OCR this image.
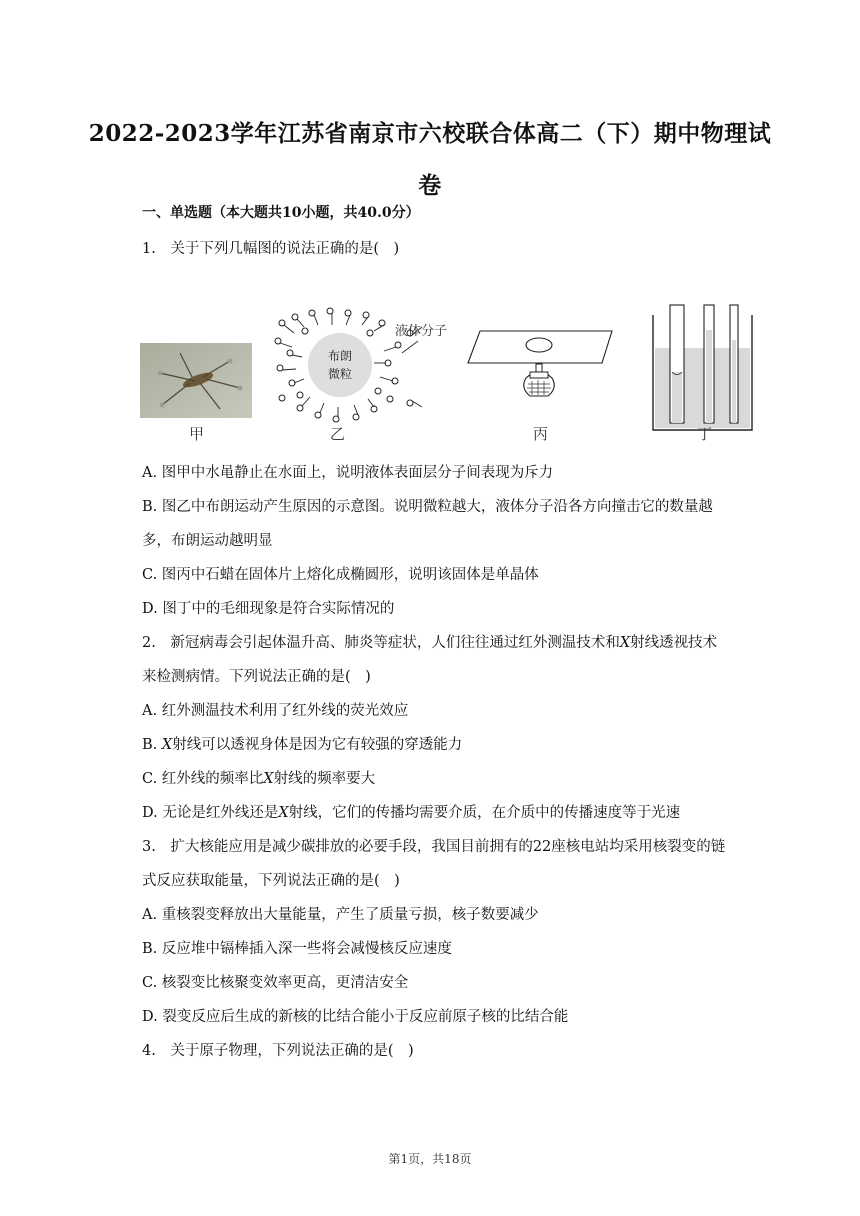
2022-2023学年江苏省南京市六校联合体高二（下）期中物理试
卷
一、单选题（本大题共10小题，共40.0分）
1.　关于下列几幅图的说法正确的是(　)
甲
布朗
微粒
液体分子
乙	丙	丁
A. 图甲中水黾静止在水面上，说明液体表面层分子间表现为斥力
B. 图乙中布朗运动产生原因的示意图。说明微粒越大，液体分子沿各方向撞击它的数量越
多，布朗运动越明显
C. 图丙中石蜡在固体片上熔化成椭圆形，说明该固体是单晶体
D. 图丁中的毛细现象是符合实际情况的
2.　新冠病毒会引起体温升高、肺炎等症状，人们往往通过红外测温技术和X射线透视技术
来检测病情。下列说法正确的是(　)
A. 红外测温技术利用了红外线的荧光效应
B. X射线可以透视身体是因为它有较强的穿透能力
C. 红外线的频率比X射线的频率要大
D. 无论是红外线还是X射线，它们的传播均需要介质，在介质中的传播速度等于光速
3.　扩大核能应用是减少碳排放的必要手段，我国目前拥有的22座核电站均采用核裂变的链
式反应获取能量，下列说法正确的是(　)
A. 重核裂变释放出大量能量，产生了质量亏损，核子数要减少
B. 反应堆中镉棒插入深一些将会减慢核反应速度
C. 核裂变比核聚变效率更高，更清洁安全
D. 裂变反应后生成的新核的比结合能小于反应前原子核的比结合能
4.　关于原子物理，下列说法正确的是(　)
第1页，共18页
